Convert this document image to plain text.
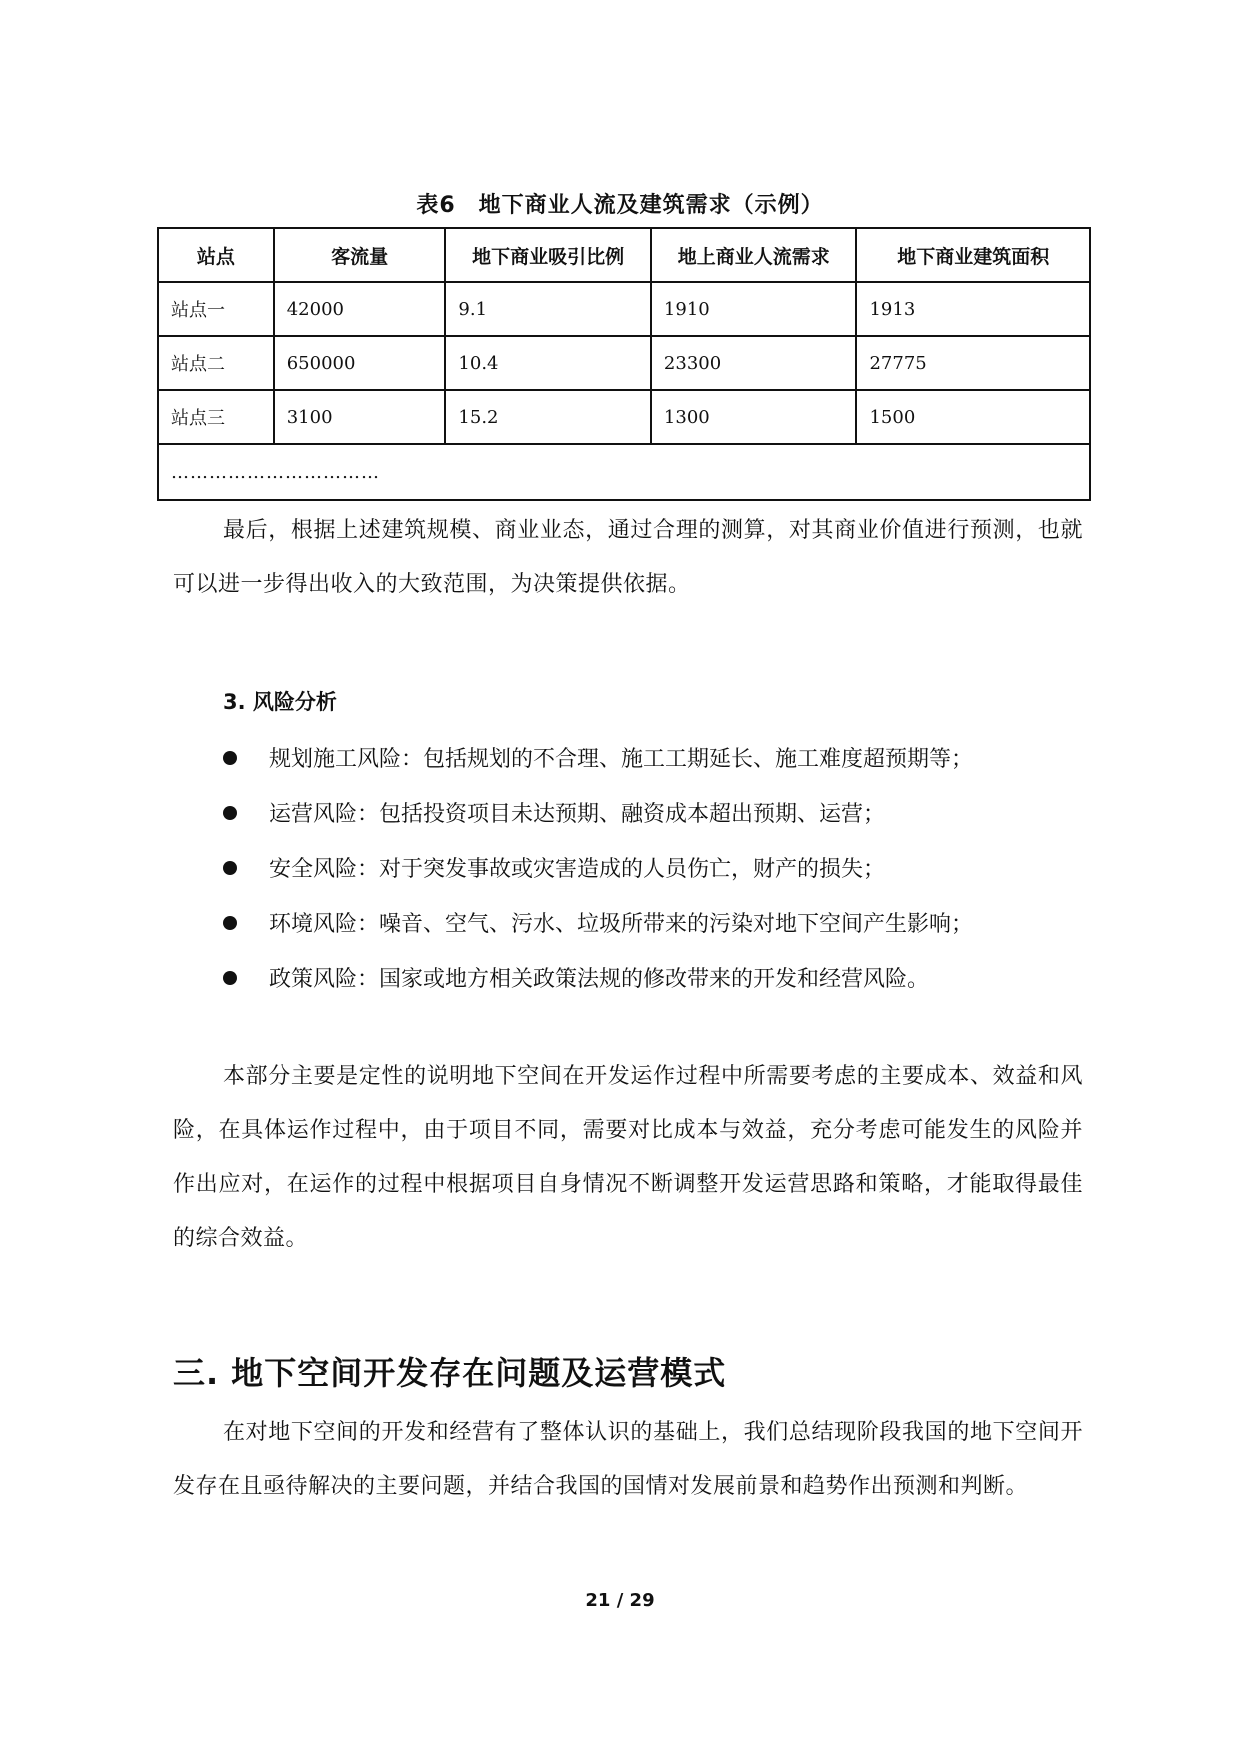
表6　地下商业人流及建筑需求（示例）
站点	客流量	地下商业吸引比例	地上商业人流需求	地下商业建筑面积
站点一	42000	9.1	1910	1913
站点二	650000	10.4	23300	27775
站点三	3100	15.2	1300	1500
……………………………				

最后，根据上述建筑规模、商业业态，通过合理的测算，对其商业价值进行预测，也就可以进一步得出收入的大致范围，为决策提供依据。

3. 风险分析
规划施工风险：包括规划的不合理、施工工期延长、施工难度超预期等；
运营风险：包括投资项目未达预期、融资成本超出预期、运营；
安全风险：对于突发事故或灾害造成的人员伤亡，财产的损失；
环境风险：噪音、空气、污水、垃圾所带来的污染对地下空间产生影响；
政策风险：国家或地方相关政策法规的修改带来的开发和经营风险。

本部分主要是定性的说明地下空间在开发运作过程中所需要考虑的主要成本、效益和风险，在具体运作过程中，由于项目不同，需要对比成本与效益，充分考虑可能发生的风险并作出应对，在运作的过程中根据项目自身情况不断调整开发运营思路和策略，才能取得最佳的综合效益。

三. 地下空间开发存在问题及运营模式

在对地下空间的开发和经营有了整体认识的基础上，我们总结现阶段我国的地下空间开发存在且亟待解决的主要问题，并结合我国的国情对发展前景和趋势作出预测和判断。

21 / 29
